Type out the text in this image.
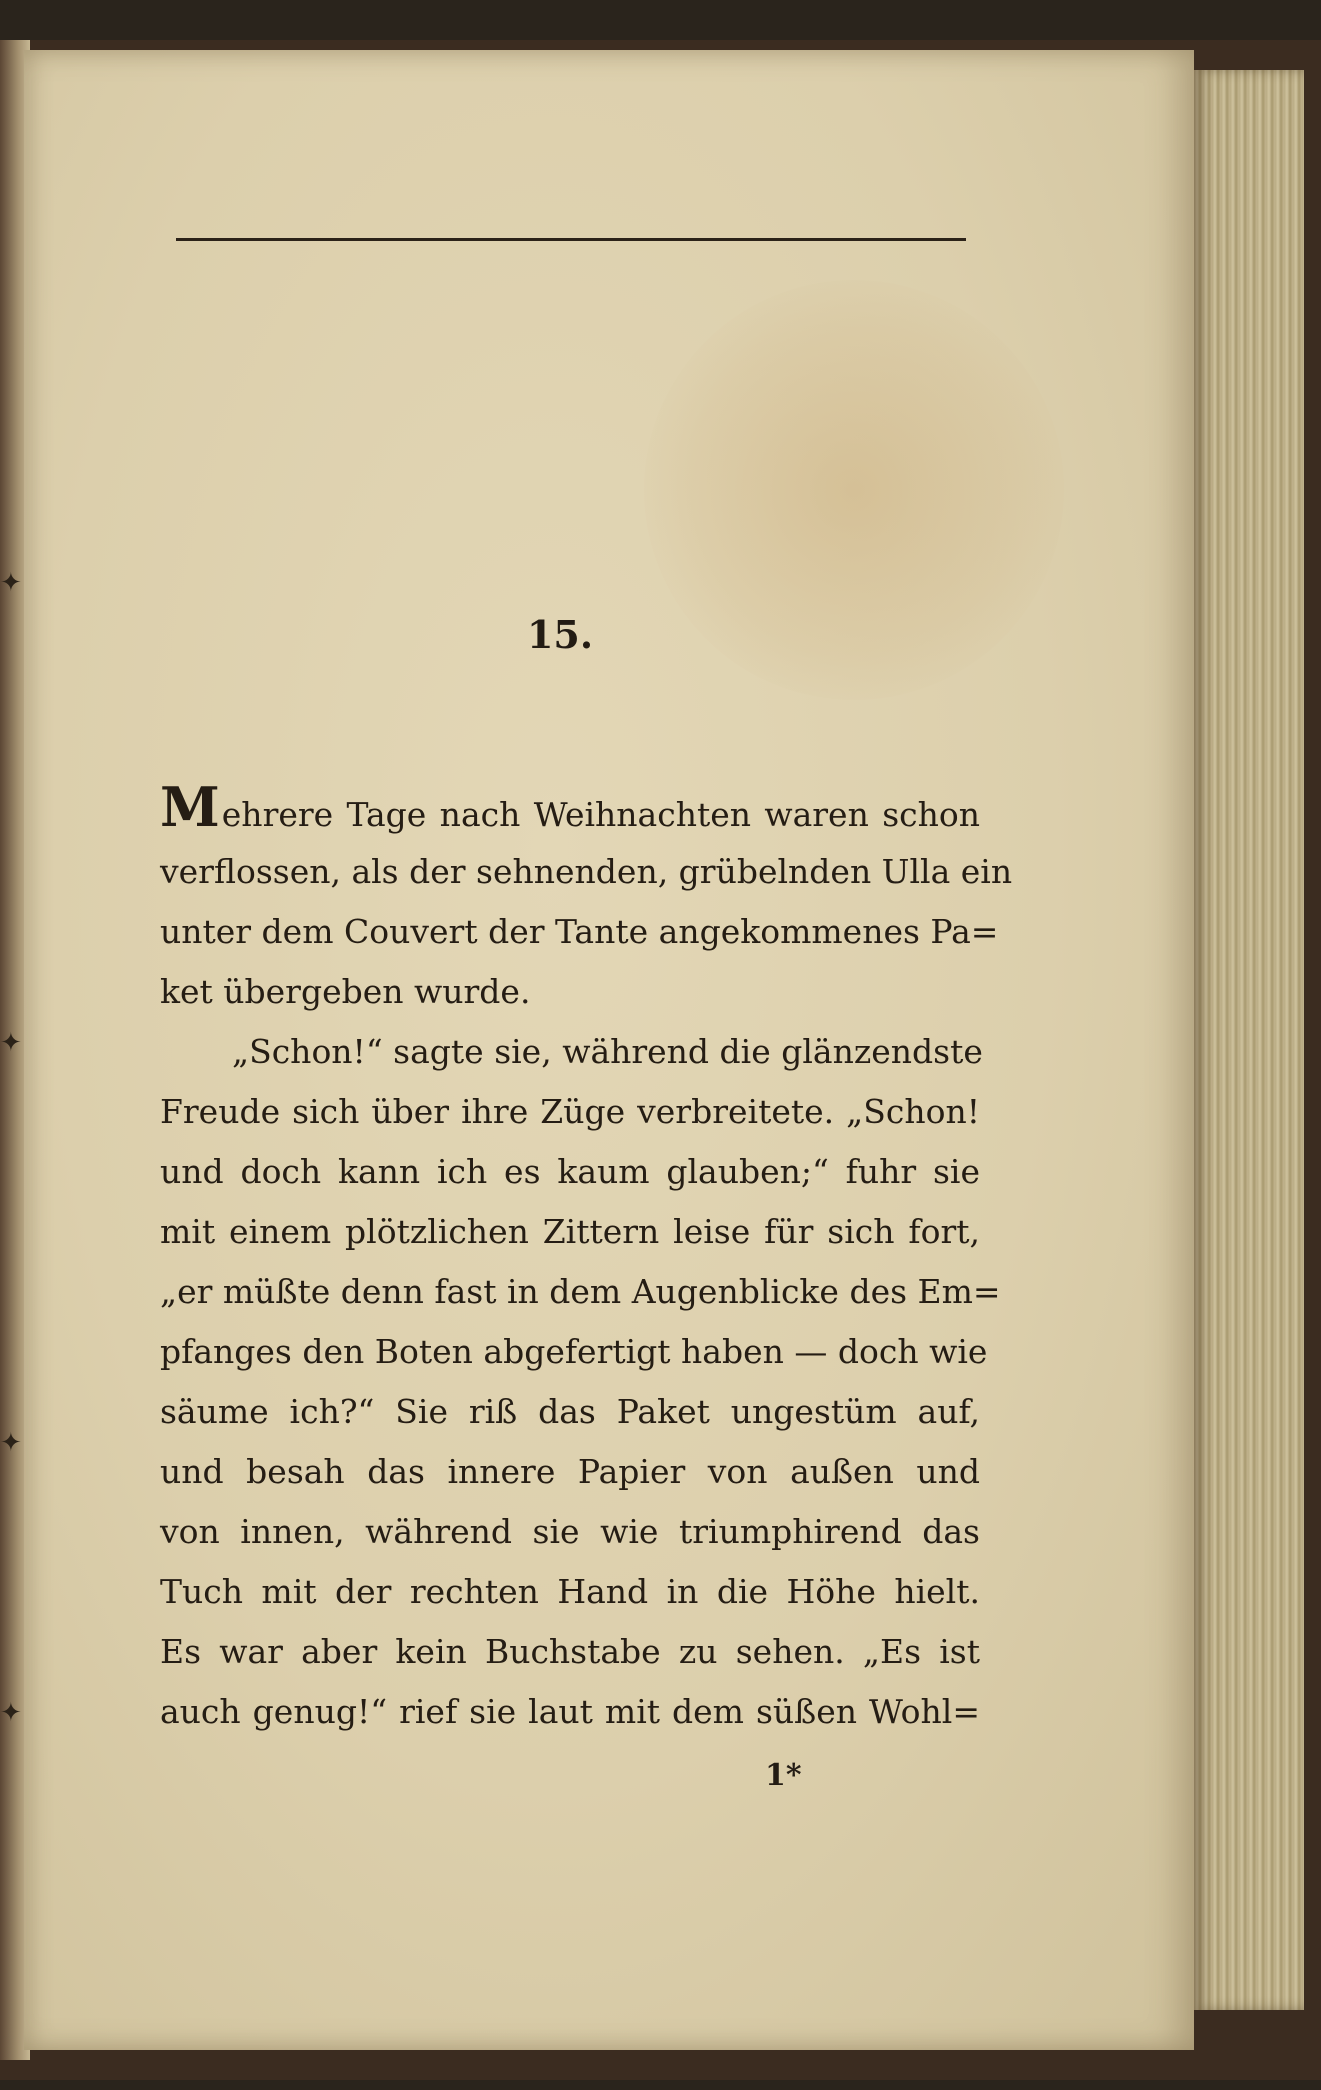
✦
✦
✦
✦
15.
Mehrere Tage nach Weihnachten waren schon
verflossen, als der sehnenden, grübelnden Ulla ein
unter dem Couvert der Tante angekommenes Pa=
ket übergeben wurde.
„Schon!“ sagte sie, während die glänzendste
Freude sich über ihre Züge verbreitete. „Schon!
und doch kann ich es kaum glauben;“ fuhr sie
mit einem plötzlichen Zittern leise für sich fort,
„er müßte denn fast in dem Augenblicke des Em=
pfanges den Boten abgefertigt haben — doch wie
säume ich?“ Sie riß das Paket ungestüm auf,
und besah das innere Papier von außen und
von innen, während sie wie triumphirend das
Tuch mit der rechten Hand in die Höhe hielt.
Es war aber kein Buchstabe zu sehen. „Es ist
auch genug!“ rief sie laut mit dem süßen Wohl=
1*
